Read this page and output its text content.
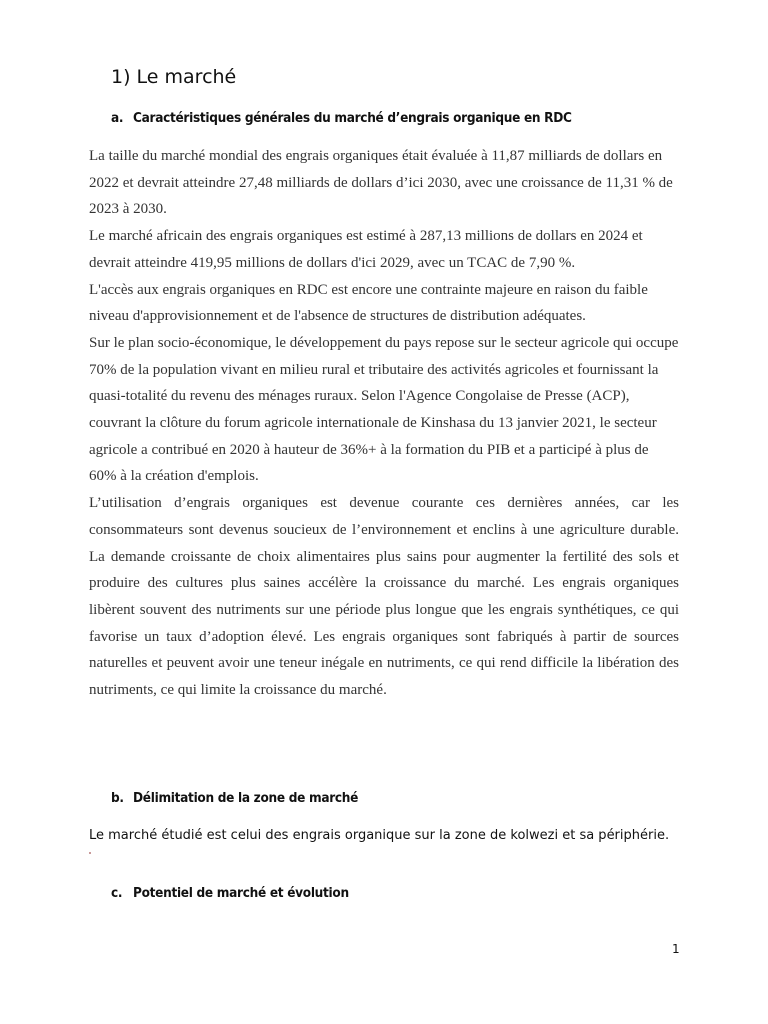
1) Le marché
a. Caractéristiques générales du marché d’engrais organique en RDC

La taille du marché mondial des engrais organiques était évaluée à 11,87 milliards de dollars en 2022 et devrait atteindre 27,48 milliards de dollars d’ici 2030, avec une croissance de 11,31 % de 2023 à 2030.

Le marché africain des engrais organiques est estimé à 287,13 millions de dollars en 2024 et devrait atteindre 419,95 millions de dollars d'ici 2029, avec un TCAC de 7,90 %.

L'accès aux engrais organiques en RDC est encore une contrainte majeure en raison du faible niveau d'approvisionnement et de l'absence de structures de distribution adéquates.

Sur le plan socio-économique, le développement du pays repose sur le secteur agricole qui occupe 70% de la population vivant en milieu rural et tributaire des activités agricoles et fournissant la quasi-totalité du revenu des ménages ruraux. Selon l'Agence Congolaise de Presse (ACP), couvrant la clôture du forum agricole internationale de Kinshasa du 13 janvier 2021, le secteur agricole a contribué en 2020 à hauteur de 36%+ à la formation du PIB et a participé à plus de 60% à la création d'emplois.

L’utilisation d’engrais organiques est devenue courante ces dernières années, car les consommateurs sont devenus soucieux de l’environnement et enclins à une agriculture durable. La demande croissante de choix alimentaires plus sains pour augmenter la fertilité des sols et produire des cultures plus saines accélère la croissance du marché. Les engrais organiques libèrent souvent des nutriments sur une période plus longue que les engrais synthétiques, ce qui favorise un taux d’adoption élevé. Les engrais organiques sont fabriqués à partir de sources naturelles et peuvent avoir une teneur inégale en nutriments, ce qui rend difficile la libération des nutriments, ce qui limite la croissance du marché.

b. Délimitation de la zone de marché

Le marché étudié est celui des engrais organique sur la zone de kolwezi et sa périphérie.

c. Potentiel de marché et évolution
1
